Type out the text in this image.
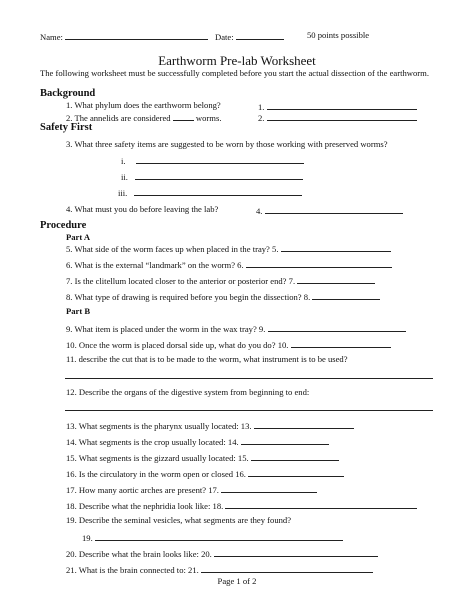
Name:	Date:	50 points possible
Earthworm Pre-lab Worksheet
The following worksheet must be successfully completed before you start the actual dissection of the earthworm.
Background
1. What phylum does the earthworm belong?	1.
2. The annelids are considered	worms.	2.
Safety First
3. What three safety items are suggested to be worn by those working with preserved worms?
i.
ii.
iii.
4. What must you do before leaving the lab?	4.
Procedure
Part A
5. What side of the worm faces up when placed in the tray? 5.
6. What is the external “landmark” on the worm? 6.
7. Is the clitellum located closer to the anterior or posterior end? 7.
8. What type of drawing is required before you begin the dissection? 8.
Part B
9. What item is placed under the worm in the wax tray? 9.
10. Once the worm is placed dorsal side up, what do you do? 10.
11. describe the cut that is to be made to the worm, what instrument is to be used?
12. Describe the organs of the digestive system from beginning to end:
13. What segments is the pharynx usually located: 13.
14. What segments is the crop usually located: 14.
15. What segments is the gizzard usually located: 15.
16. Is the circulatory in the worm open or closed 16.
17. How many aortic arches are present? 17.
18. Describe what the nephridia look like: 18.
19. Describe the seminal vesicles, what segments are they found?
19.
20. Describe what the brain looks like: 20.
21. What is the brain connected to: 21.
Page 1 of 2
